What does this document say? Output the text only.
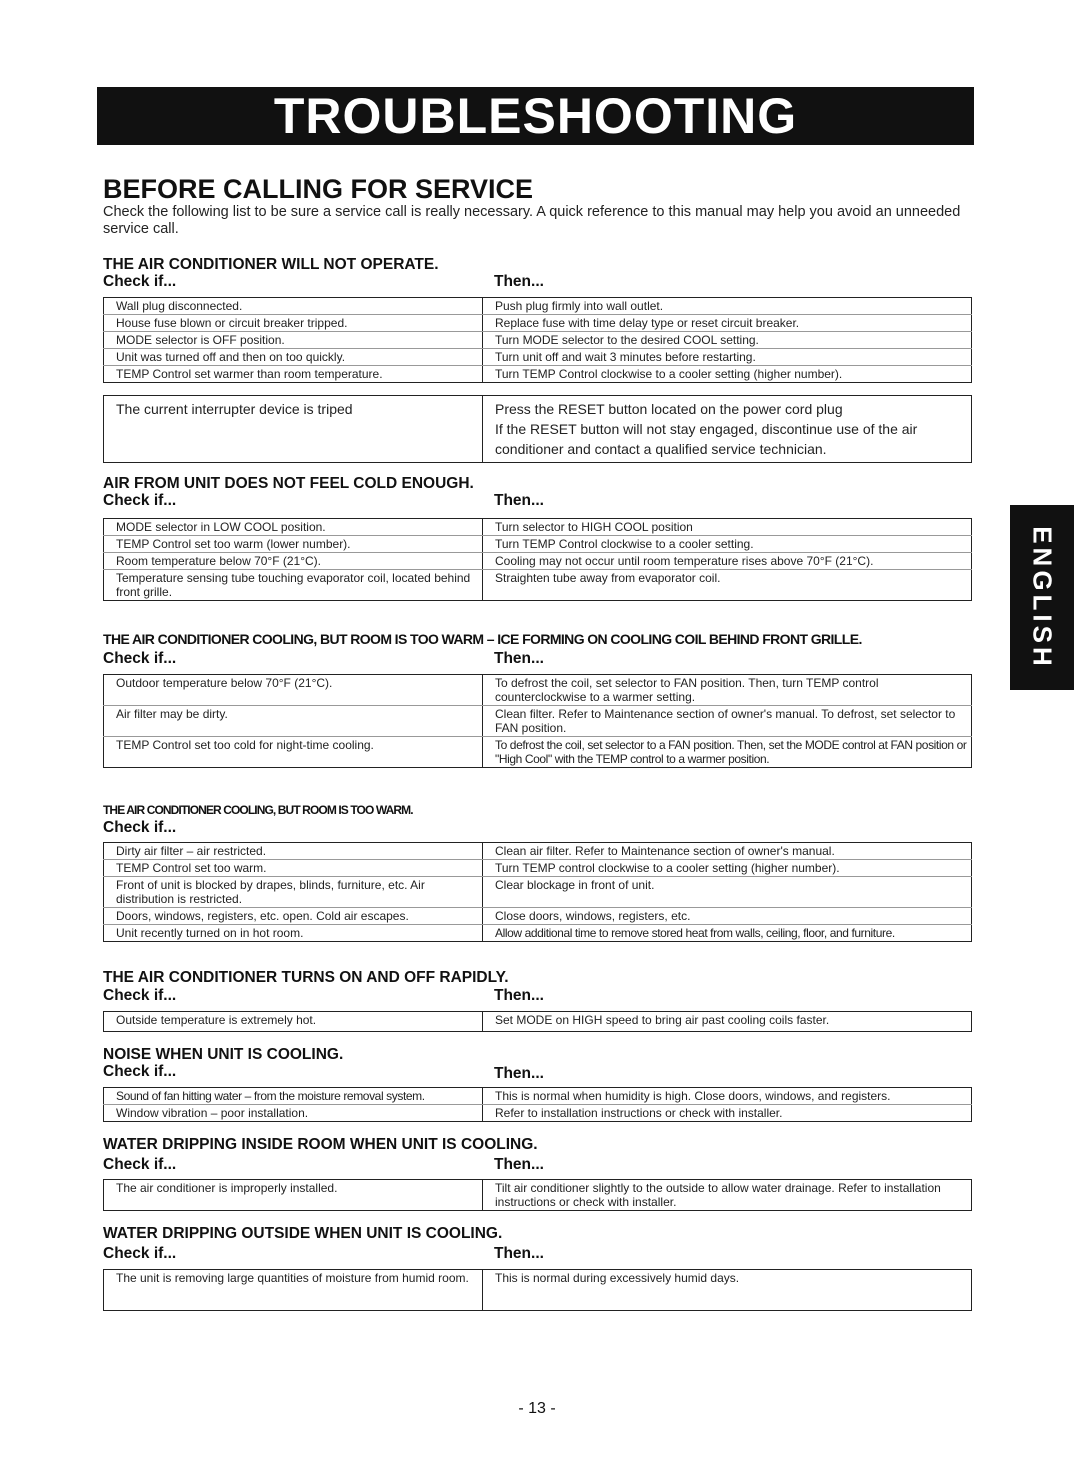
TROUBLESHOOTING
BEFORE CALLING FOR SERVICE

Check the following list to be sure a service call is really necessary. A quick reference to this manual may help you avoid an unneeded service call.

THE AIR CONDITIONER WILL NOT OPERATE.
Check if...	Then...
Wall plug disconnected.	Push plug firmly into wall outlet.
House fuse blown or circuit breaker tripped.	Replace fuse with time delay type or reset circuit breaker.
MODE selector is OFF position.	Turn MODE selector to the desired COOL setting.
Unit was turned off and then on too quickly.	Turn unit off and wait 3 minutes before restarting.
TEMP Control set warmer than room temperature.	Turn TEMP Control clockwise to a cooler setting (higher number).
The current interrupter device is triped	Press the RESET button located on the power cord plug
If the RESET button will not stay engaged, discontinue use of the air conditioner and contact a qualified service technician.
AIR FROM UNIT DOES NOT FEEL COLD ENOUGH.
Check if...	Then...
MODE selector in LOW COOL position.	Turn selector to HIGH COOL position
TEMP Control set too warm (lower number).	Turn TEMP Control clockwise to a cooler setting.
Room temperature below 70°F (21°C).	Cooling may not occur until room temperature rises above 70°F (21°C).
Temperature sensing tube touching evaporator coil, located behind front grille.	Straighten tube away from evaporator coil.
THE AIR CONDITIONER COOLING, BUT ROOM IS TOO WARM – ICE FORMING ON COOLING COIL BEHIND FRONT GRILLE.
Check if...	Then...
Outdoor temperature below 70°F (21°C).	To defrost the coil, set selector to FAN position. Then, turn TEMP control counterclockwise to a warmer setting.
Air filter may be dirty.	Clean filter. Refer to Maintenance section of owner's manual. To defrost, set selector to FAN position.
TEMP Control set too cold for night-time cooling.	To defrost the coil, set selector to a FAN position. Then, set the MODE control at FAN position or "High Cool" with the TEMP control to a warmer position.
THE AIR CONDITIONER COOLING, BUT ROOM IS TOO WARM.
Check if...
Dirty air filter – air restricted.	Clean air filter. Refer to Maintenance section of owner's manual.
TEMP Control set too warm.	Turn TEMP control clockwise to a cooler setting (higher number).
Front of unit is blocked by drapes, blinds, furniture, etc. Air distribution is restricted.	Clear blockage in front of unit.
Doors, windows, registers, etc. open. Cold air escapes.	Close doors, windows, registers, etc.
Unit recently turned on in hot room.	Allow additional time to remove stored heat from walls, ceiling, floor, and furniture.
THE AIR CONDITIONER TURNS ON AND OFF RAPIDLY.
Check if...	Then...
Outside temperature is extremely hot.	Set MODE on HIGH speed to bring air past cooling coils faster.
NOISE WHEN UNIT IS COOLING.
Check if...	Then...
Sound of fan hitting water – from the moisture removal system.	This is normal when humidity is high. Close doors, windows, and registers.
Window vibration – poor installation.	Refer to installation instructions or check with installer.
WATER DRIPPING INSIDE ROOM WHEN UNIT IS COOLING.
Check if...	Then...
The air conditioner is improperly installed.	Tilt air conditioner slightly to the outside to allow water drainage. Refer to installation instructions or check with installer.
WATER DRIPPING OUTSIDE WHEN UNIT IS COOLING.
Check if...	Then...
The unit is removing large quantities of moisture from humid room.	This is normal during excessively humid days.
ENGLISH
- 13 -
